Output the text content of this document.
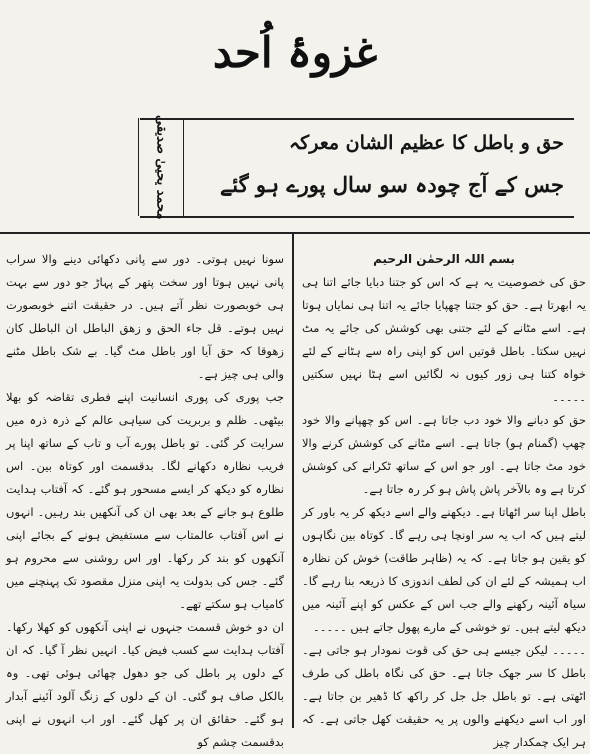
غزوۂ اُحد
محمد یحییٰ صدیقی	حق و باطل کا عظیم الشان معرکہ
جس کے آج چودہ سو سال پورے ہو گئے

بسم اللہ الرحمٰن الرحیم

حق کی خصوصیت یہ ہے کہ اس کو جتنا دبایا جائے اتنا ہی یہ ابھرتا ہے۔ حق کو جتنا چھپایا جائے یہ اتنا ہی نمایاں ہوتا ہے۔ اسے مٹانے کے لئے جتنی بھی کوشش کی جائے یہ مٹ نہیں سکتا۔ باطل قوتیں اس کو اپنی راہ سے ہٹانے کے لئے خواہ کتنا ہی زور کیوں نہ لگائیں اسے ہٹا نہیں سکتیں ۔۔۔۔۔

حق کو دبانے والا خود دب جاتا ہے۔ اس کو چھپانے والا خود چھپ (گمنام ہو) جاتا ہے۔ اسے مٹانے کی کوشش کرنے والا خود مٹ جاتا ہے۔ اور جو اس کے ساتھ ٹکرانے کی کوشش کرتا ہے وہ بالآخر پاش پاش ہو کر رہ جاتا ہے۔

باطل اپنا سر اٹھاتا ہے۔ دیکھنے والے اسے دیکھ کر یہ باور کر لیتے ہیں کہ اب یہ سر اونچا ہی رہے گا۔ کوتاہ بین نگاہوں کو یقین ہو جاتا ہے۔ کہ یہ (ظاہر طاقت) خوش کن نظارہ اب ہمیشہ کے لئے ان کی لطف اندوزی کا ذریعہ بنا رہے گا۔ سیاہ آئینہ رکھنے والے جب اس کے عکس کو اپنے آئینہ میں دیکھ لیتے ہیں۔ تو خوشی کے مارے پھول جاتے ہیں ۔۔۔۔۔

۔۔۔۔۔ لیکن جیسے ہی حق کی قوت نمودار ہو جاتی ہے۔ باطل کا سر جھک جاتا ہے۔ حق کی نگاہ باطل کی طرف اٹھتی ہے۔ تو باطل جل جل کر راکھ کا ڈھیر بن جاتا ہے۔ اور اب اسے دیکھنے والوں پر یہ حقیقت کھل جاتی ہے۔ کہ ہر ایک چمکدار چیز

سونا نہیں ہوتی۔ دور سے پانی دکھائی دینے والا سراب پانی نہیں ہوتا اور سخت پتھر کے پہاڑ جو دور سے بہت ہی خوبصورت نظر آتے ہیں۔ در حقیقت اتنے خوبصورت نہیں ہوتے۔ قل جاء الحق و زھق الباطل ان الباطل کان زھوقا کہ حق آیا اور باطل مٹ گیا۔ بے شک باطل مٹنے والی ہی چیز ہے۔

جب پوری کی پوری انسانیت اپنے فطری تقاضہ کو بھلا بیٹھی۔ ظلم و بربریت کی سیاہی عالم کے ذرہ ذرہ میں سرایت کر گئی۔ تو باطل پورے آب و تاب کے ساتھ اپنا پر فریب نظارہ دکھانے لگا۔ بدقسمت اور کوتاہ بین۔ اس نظارہ کو دیکھ کر ایسے مسحور ہو گئے۔ کہ آفتاب ہدایت طلوع ہو جانے کے بعد بھی ان کی آنکھیں بند رہیں۔ انہوں نے اس آفتاب عالمتاب سے مستفیض ہونے کے بجائے اپنی آنکھوں کو بند کر رکھا۔ اور اس روشنی سے محروم ہو گئے۔ جس کی بدولت یہ اپنی منزل مقصود تک پہنچنے میں کامیاب ہو سکتے تھے۔

ان دو خوش قسمت جنہوں نے اپنی آنکھوں کو کھلا رکھا۔ آفتاب ہدایت سے کسب فیض کیا۔ انہیں نظر آ گیا۔ کہ ان کے دلوں پر باطل کی جو دھول چھائی ہوئی تھی۔ وہ بالکل صاف ہو گئی۔ ان کے دلوں کے زنگ آلود آئینے آبدار ہو گئے۔ حقائق ان پر کھل گئے۔ اور اب انہوں نے اپنی بدقسمت چشم کو
